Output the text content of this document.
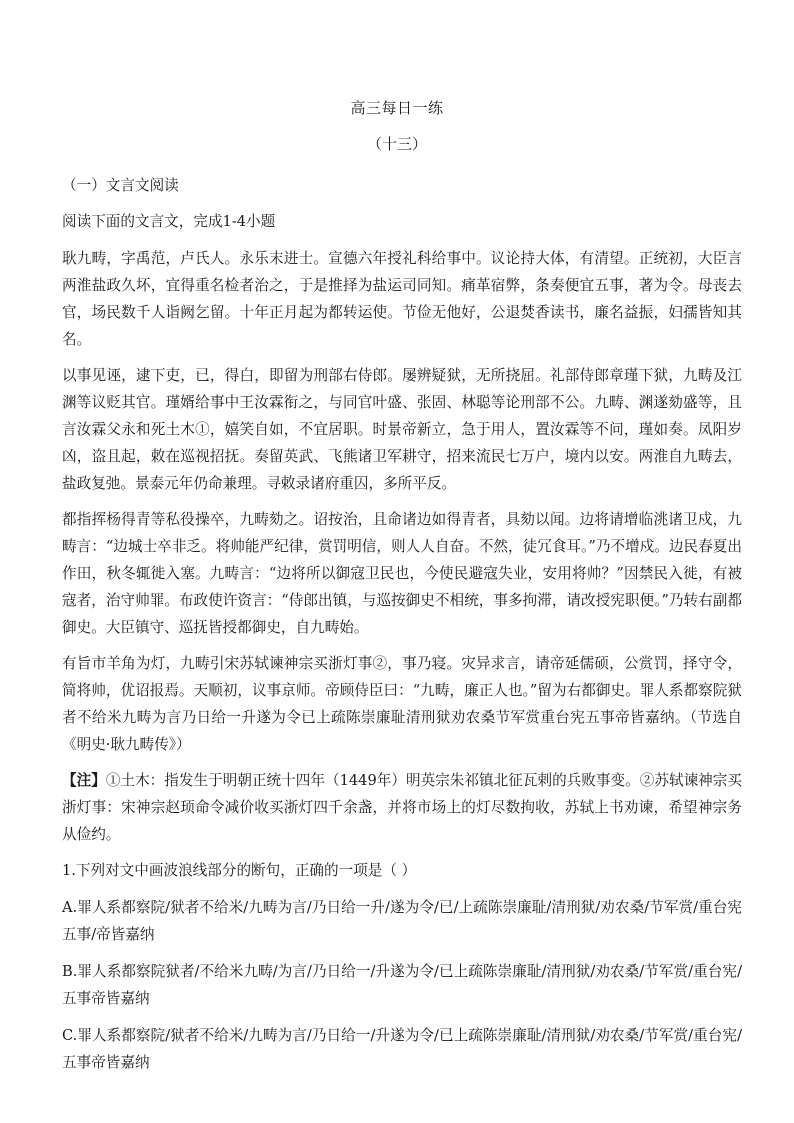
高三每日一练
（十三）

（一）文言文阅读

阅读下面的文言文，完成1-4小题

耿九畴，字禹范，卢氏人。永乐末进士。宣德六年授礼科给事中。议论持大体，有清望。正统初，大臣言两淮盐政久坏，宜得重名检者治之，于是推择为盐运司同知。痛革宿弊，条奏便宜五事，著为令。母丧去官，场民数千人诣阙乞留。十年正月起为都转运使。节俭无他好，公退焚香读书，廉名益振，妇孺皆知其名。

以事见诬，逮下吏，已，得白，即留为刑部右侍郎。屡辨疑狱，无所挠屈。礼部侍郎章瑾下狱，九畴及江渊等议贬其官。瑾婿给事中王汝霖衔之，与同官叶盛、张固、林聪等论刑部不公。九畴、渊遂劾盛等，且言汝霖父永和死土木①，嬉笑自如，不宜居职。时景帝新立，急于用人，置汝霖等不问，瑾如奏。凤阳岁凶，盗且起，敕在巡视招抚。奏留英武、飞熊诸卫军耕守，招来流民七万户，境内以安。两淮自九畴去，盐政复弛。景泰元年仍命兼理。寻敕录诸府重囚，多所平反。

都指挥杨得青等私役操卒，九畴劾之。诏按治，且命诸边如得青者，具劾以闻。边将请增临洮诸卫戍，九畴言：“边城士卒非乏。将帅能严纪律，赏罚明信，则人人自奋。不然，徒冗食耳。”乃不增戍。边民春夏出作田，秋冬辄徙入塞。九畴言：“边将所以御寇卫民也，今使民避寇失业，安用将帅？”因禁民入徙，有被寇者，治守帅罪。布政使许资言：“侍郎出镇，与巡按御史不相统，事多拘滞，请改授宪职便。”乃转右副都御史。大臣镇守、巡抚皆授都御史，自九畴始。

有旨市羊角为灯，九畴引宋苏轼谏神宗买浙灯事②，事乃寝。灾异求言，请帝延儒硕，公赏罚，择守令，简将帅，优诏报焉。天顺初，议事京师。帝顾侍臣曰：“九畴，廉正人也。”留为右都御史。罪人系都察院狱者不给米九畴为言乃日给一升遂为令已上疏陈崇廉耻清刑狱劝农桑节军赏重台宪五事帝皆嘉纳。（节选自《明史·耿九畴传》）

【注】①土木：指发生于明朝正统十四年（1449年）明英宗朱祁镇北征瓦剌的兵败事变。②苏轼谏神宗买浙灯事：宋神宗赵顼命令减价收买浙灯四千余盏，并将市场上的灯尽数拘收，苏轼上书劝谏，希望神宗务从俭约。

1.下列对文中画波浪线部分的断句，正确的一项是（ ）

A.罪人系都察院/狱者不给米/九畴为言/乃日给一升/遂为令/已/上疏陈崇廉耻/清刑狱/劝农桑/节军赏/重台宪五事/帝皆嘉纳

B.罪人系都察院狱者/不给米九畴/为言/乃日给一/升遂为令/已上疏陈崇廉耻/清刑狱/劝农桑/节军赏/重台宪/五事帝皆嘉纳

C.罪人系都察院/狱者不给米/九畴为言/乃日给一/升遂为令/已上疏陈崇廉耻/清刑狱/劝农桑/节军赏/重台宪/五事帝皆嘉纳
